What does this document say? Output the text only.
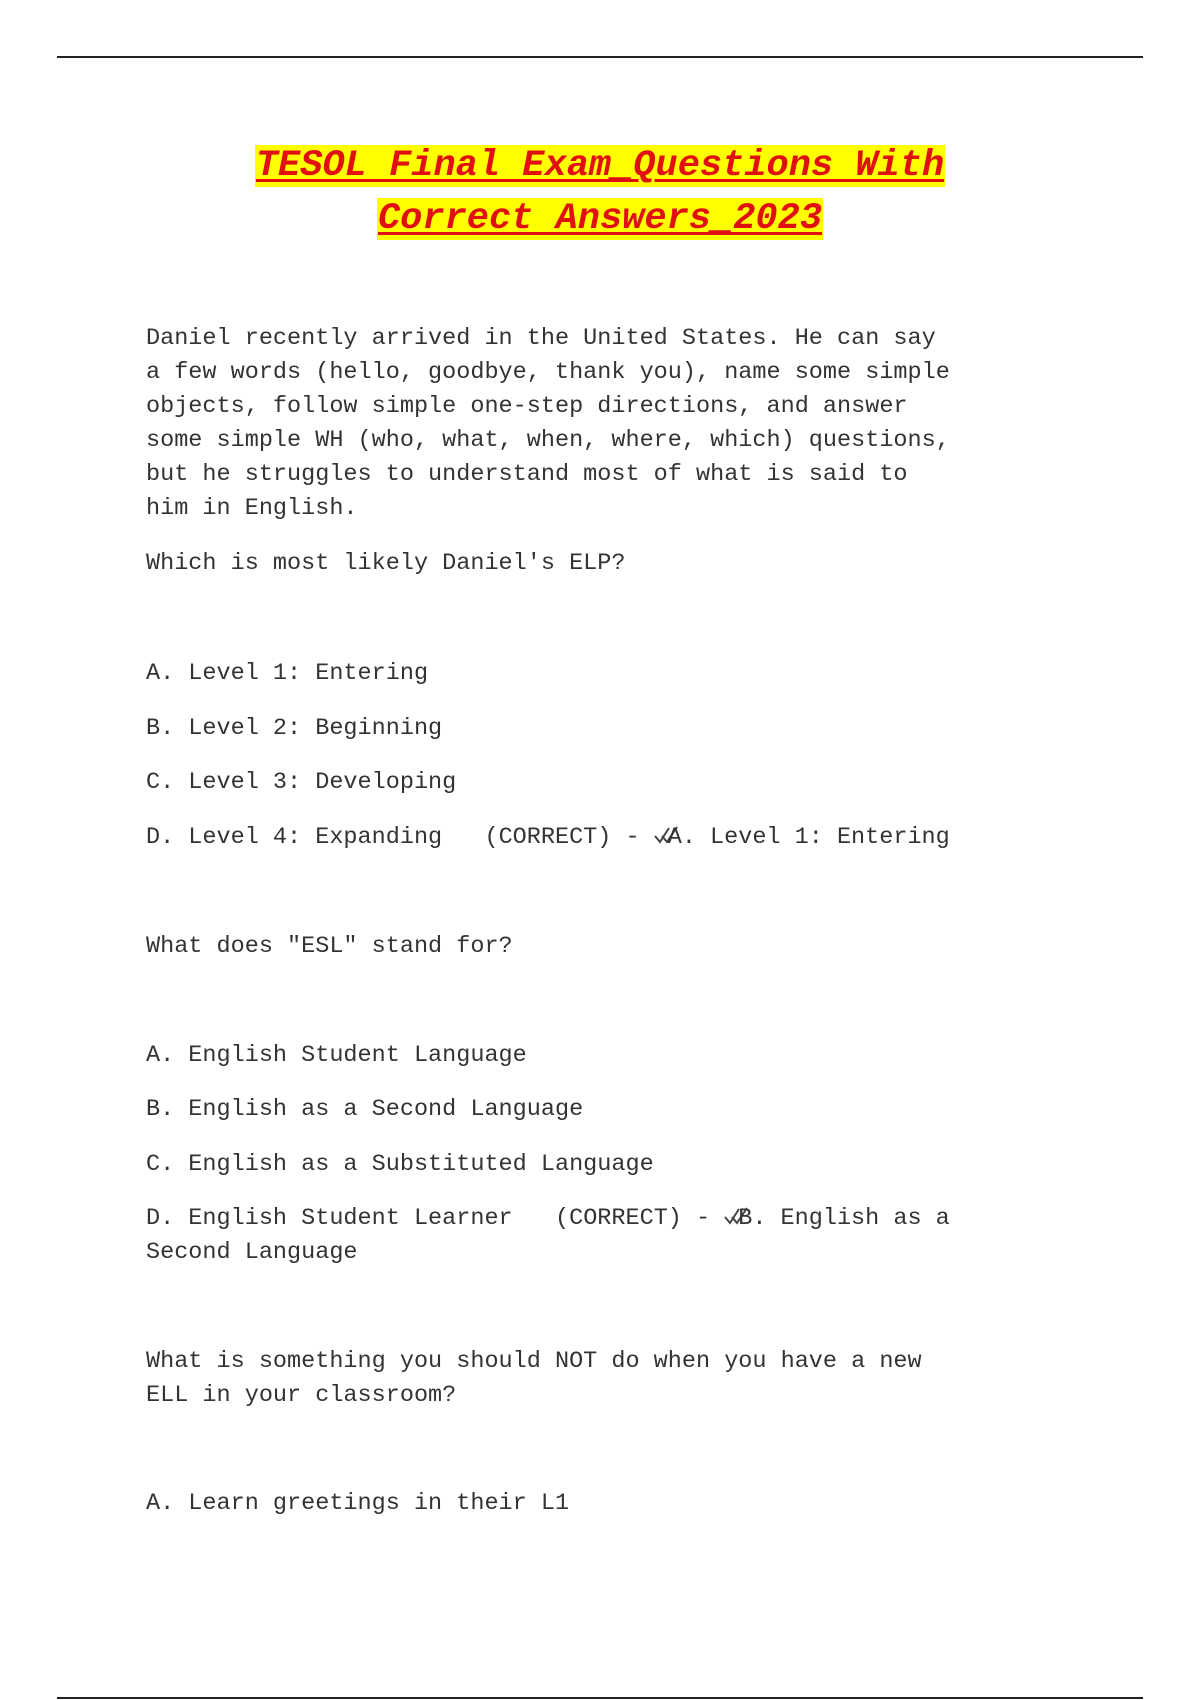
TESOL Final Exam_Questions With
Correct Answers_2023

Daniel recently arrived in the United States. He can say
a few words (hello, goodbye, thank you), name some simple
objects, follow simple one-step directions, and answer
some simple WH (who, what, when, where, which) questions,
but he struggles to understand most of what is said to
him in English.

Which is most likely Daniel's ELP?

A. Level 1: Entering

B. Level 2: Beginning

C. Level 3: Developing

D. Level 4: Expanding (CORRECT) - A. Level 1: Entering

What does "ESL" stand for?

A. English Student Language

B. English as a Second Language

C. English as a Substituted Language

D. English Student Learner (CORRECT) - B. English as a
Second Language

What is something you should NOT do when you have a new
ELL in your classroom?

A. Learn greetings in their L1
